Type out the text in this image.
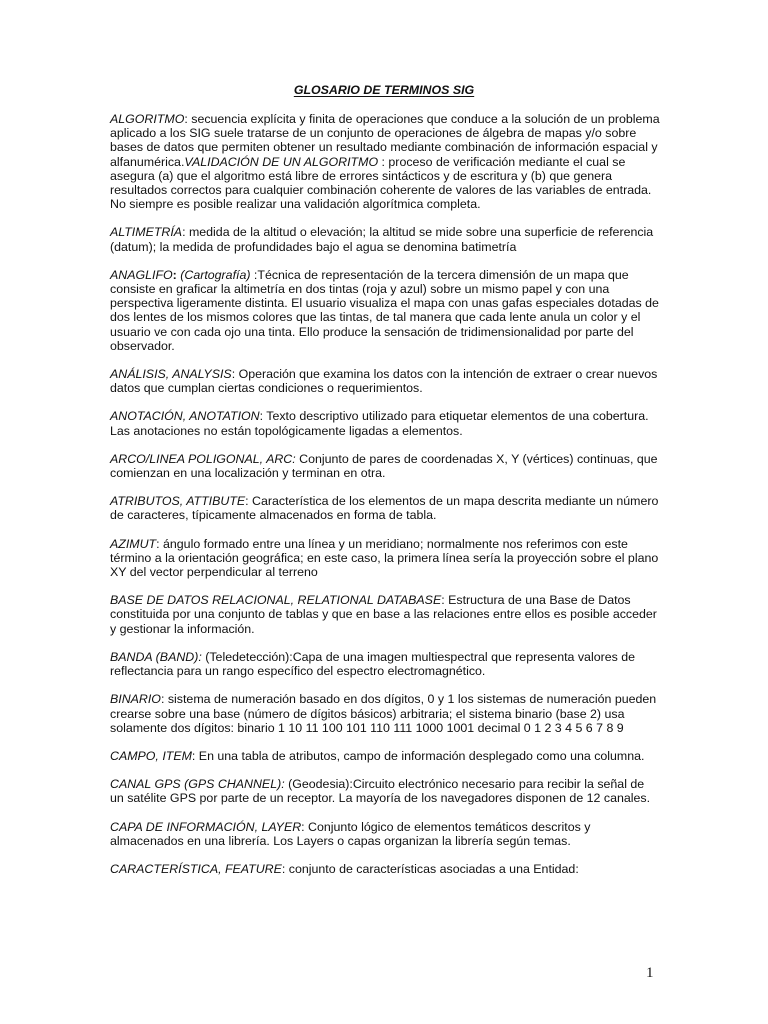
GLOSARIO DE TERMINOS SIG

ALGORITMO: secuencia explícita y finita de operaciones que conduce a la solución de un problema aplicado a los SIG suele tratarse de un conjunto de operaciones de álgebra de mapas y/o sobre bases de datos que permiten obtener un resultado mediante combinación de información espacial y alfanumérica.VALIDACIÓN DE UN ALGORITMO : proceso de verificación mediante el cual se asegura (a) que el algoritmo está libre de errores sintácticos y de escritura y (b) que genera resultados correctos para cualquier combinación coherente de valores de las variables de entrada. No siempre es posible realizar una validación algorítmica completa.

ALTIMETRÍA: medida de la altitud o elevación; la altitud se mide sobre una superficie de referencia (datum); la medida de profundidades bajo el agua se denomina batimetría

ANAGLIFO: (Cartografía) :Técnica de representación de la tercera dimensión de un mapa que consiste en graficar la altimetría en dos tintas (roja y azul) sobre un mismo papel y con una perspectiva ligeramente distinta. El usuario visualiza el mapa con unas gafas especiales dotadas de dos lentes de los mismos colores que las tintas, de tal manera que cada lente anula un color y el usuario ve con cada ojo una tinta. Ello produce la sensación de tridimensionalidad por parte del observador.

ANÁLISIS, ANALYSIS: Operación que examina los datos con la intención de extraer o crear nuevos datos que cumplan ciertas condiciones o requerimientos.

ANOTACIÓN, ANOTATION: Texto descriptivo utilizado para etiquetar elementos de una cobertura. Las anotaciones no están topológicamente ligadas a elementos.

ARCO/LINEA POLIGONAL, ARC: Conjunto de pares de coordenadas X, Y (vértices) continuas, que comienzan en una localización y terminan en otra.

ATRIBUTOS, ATTIBUTE: Característica de los elementos de un mapa descrita mediante un número de caracteres, típicamente almacenados en forma de tabla.

AZIMUT: ángulo formado entre una línea y un meridiano; normalmente nos referimos con este término a la orientación geográfica; en este caso, la primera línea sería la proyección sobre el plano XY del vector perpendicular al terreno

BASE DE DATOS RELACIONAL, RELATIONAL DATABASE: Estructura de una Base de Datos constituida por una conjunto de tablas y que en base a las relaciones entre ellos es posible acceder y gestionar la información.

BANDA (BAND): (Teledetección):Capa de una imagen multiespectral que representa valores de reflectancia para un rango específico del espectro electromagnético.

BINARIO: sistema de numeración basado en dos dígitos, 0 y 1 los sistemas de numeración pueden crearse sobre una base (número de dígitos básicos) arbitraria; el sistema binario (base 2) usa solamente dos dígitos: binario 1 10 11 100 101 110 111 1000 1001 decimal 0 1 2 3 4 5 6 7 8 9

CAMPO, ITEM: En una tabla de atributos, campo de información desplegado como una columna.

CANAL GPS (GPS CHANNEL): (Geodesia):Circuito electrónico necesario para recibir la señal de un satélite GPS por parte de un receptor. La mayoría de los navegadores disponen de 12 canales.

CAPA DE INFORMACIÓN, LAYER: Conjunto lógico de elementos temáticos descritos y almacenados en una librería. Los Layers o capas organizan la librería según temas.

CARACTERÍSTICA, FEATURE: conjunto de características asociadas a una Entidad:

1
